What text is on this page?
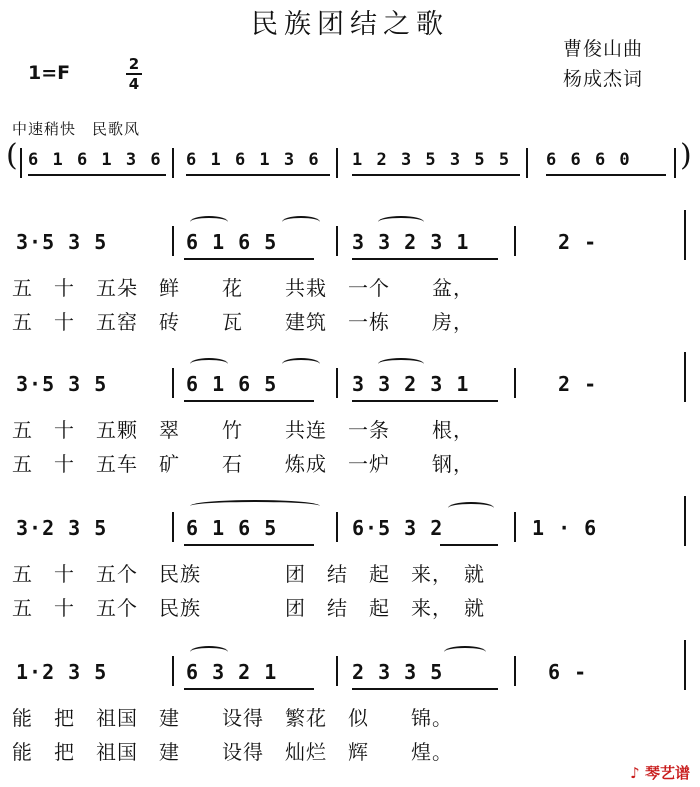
民族团结之歌
曹俊山曲
杨成杰词
1=F	2
4
中速稍快　民歌风
( 6 1 6 1 3 6 6 1 6 1 3 6 1 2 3 5 3 5 5 6 6 6 0 )
3·5 3 5	6 1 6 5	3 3 2 3 1	2 -
五　十　五朵　鲜　　花　　共栽　一个　　盆，
五　十　五窑　砖　　瓦　　建筑　一栋　　房，
3·5 3 5	6 1 6 5	3 3 2 3 1	2 -
五　十　五颗　翠　　竹　　共连　一条　　根，
五　十　五车　矿　　石　　炼成　一炉　　钢，
3·2 3 5	6 1 6 5	6·5 3 2	1 · 6
五　十　五个　民族　　　　团　结　起　来，　就
五　十　五个　民族　　　　团　结　起　来，　就
1·2 3 5	6 3 2 1	2 3 3 5	6 -
能　把　祖国　建　　设得　繁花　似　　锦。
能　把　祖国　建　　设得　灿烂　辉　　煌。
♪ 琴艺谱
